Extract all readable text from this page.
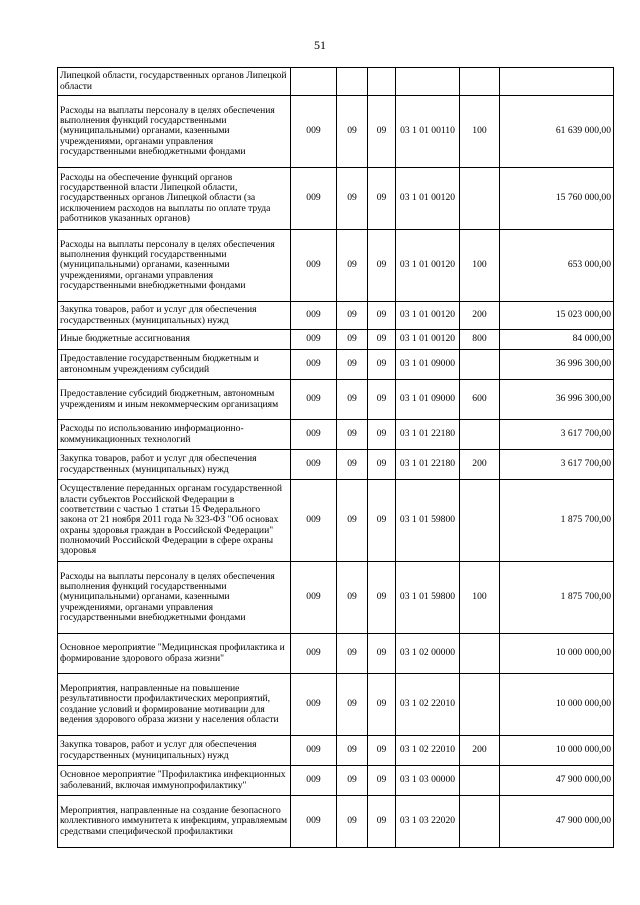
51
Липецкой области, государственных органов Липецкой области						
Расходы на выплаты персоналу в целях обеспечения выполнения функций государственными (муниципальными) органами, казенными учреждениями, органами управления государственными внебюджетными фондами	009	09	09	03 1 01 00110	100	61 639 000,00
Расходы на обеспечение функций органов государственной власти Липецкой области, государственных органов Липецкой области (за исключением расходов на выплаты по оплате труда работников указанных органов)	009	09	09	03 1 01 00120		15 760 000,00
Расходы на выплаты персоналу в целях обеспечения выполнения функций государственными (муниципальными) органами, казенными учреждениями, органами управления государственными внебюджетными фондами	009	09	09	03 1 01 00120	100	653 000,00
Закупка товаров, работ и услуг для обеспечения государственных (муниципальных) нужд	009	09	09	03 1 01 00120	200	15 023 000,00
Иные бюджетные ассигнования	009	09	09	03 1 01 00120	800	84 000,00
Предоставление государственным бюджетным и автономным учреждениям субсидий	009	09	09	03 1 01 09000		36 996 300,00
Предоставление субсидий бюджетным, автономным учреждениям и иным некоммерческим организациям	009	09	09	03 1 01 09000	600	36 996 300,00
Расходы по использованию информационно-коммуникационных технологий	009	09	09	03 1 01 22180		3 617 700,00
Закупка товаров, работ и услуг для обеспечения государственных (муниципальных) нужд	009	09	09	03 1 01 22180	200	3 617 700,00
Осуществление переданных органам государственной власти субъектов Российской Федерации в соответствии с частью 1 статьи 15 Федерального закона от 21 ноября 2011 года № 323-ФЗ "Об основах охраны здоровья граждан в Российской Федерации" полномочий Российской Федерации в сфере охраны здоровья	009	09	09	03 1 01 59800		1 875 700,00
Расходы на выплаты персоналу в целях обеспечения выполнения функций государственными (муниципальными) органами, казенными учреждениями, органами управления государственными внебюджетными фондами	009	09	09	03 1 01 59800	100	1 875 700,00
Основное мероприятие "Медицинская профилактика и формирование здорового образа жизни"	009	09	09	03 1 02 00000		10 000 000,00
Мероприятия, направленные на повышение результативности профилактических мероприятий, создание условий и формирование мотивации для ведения здорового образа жизни у населения области	009	09	09	03 1 02 22010		10 000 000,00
Закупка товаров, работ и услуг для обеспечения государственных (муниципальных) нужд	009	09	09	03 1 02 22010	200	10 000 000,00
Основное мероприятие "Профилактика инфекционных заболеваний, включая иммунопрофилактику"	009	09	09	03 1 03 00000		47 900 000,00
Мероприятия, направленные на создание безопасного коллективного иммунитета к инфекциям, управляемым средствами специфической профилактики	009	09	09	03 1 03 22020		47 900 000,00
